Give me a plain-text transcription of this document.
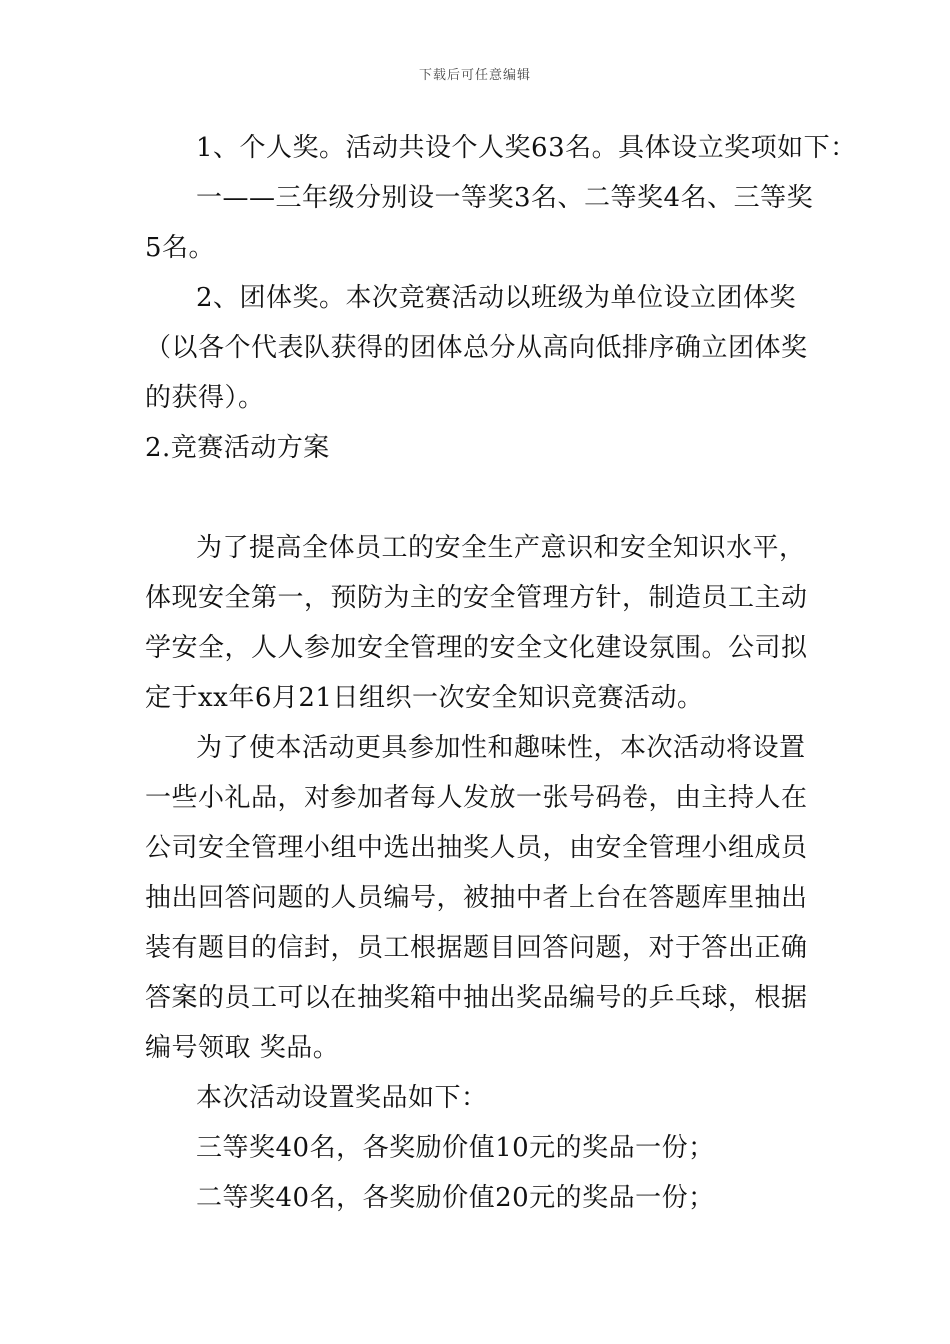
下载后可任意编辑
1、个人奖。活动共设个人奖63名。具体设立奖项如下：
一——三年级分别设一等奖3名、二等奖4名、三等奖
5名。
2、团体奖。本次竞赛活动以班级为单位设立团体奖
（以各个代表队获得的团体总分从高向低排序确立团体奖
的获得）。
2.竞赛活动方案
为了提高全体员工的安全生产意识和安全知识水平，
体现安全第一，预防为主的安全管理方针，制造员工主动
学安全，人人参加安全管理的安全文化建设氛围。公司拟
定于xx年6月21日组织一次安全知识竞赛活动。
为了使本活动更具参加性和趣味性，本次活动将设置
一些小礼品，对参加者每人发放一张号码卷，由主持人在
公司安全管理小组中选出抽奖人员，由安全管理小组成员
抽出回答问题的人员编号，被抽中者上台在答题库里抽出
装有题目的信封，员工根据题目回答问题，对于答出正确
答案的员工可以在抽奖箱中抽出奖品编号的乒乓球，根据
编号领取 奖品。
本次活动设置奖品如下：
三等奖40名，各奖励价值10元的奖品一份；
二等奖40名，各奖励价值20元的奖品一份；
